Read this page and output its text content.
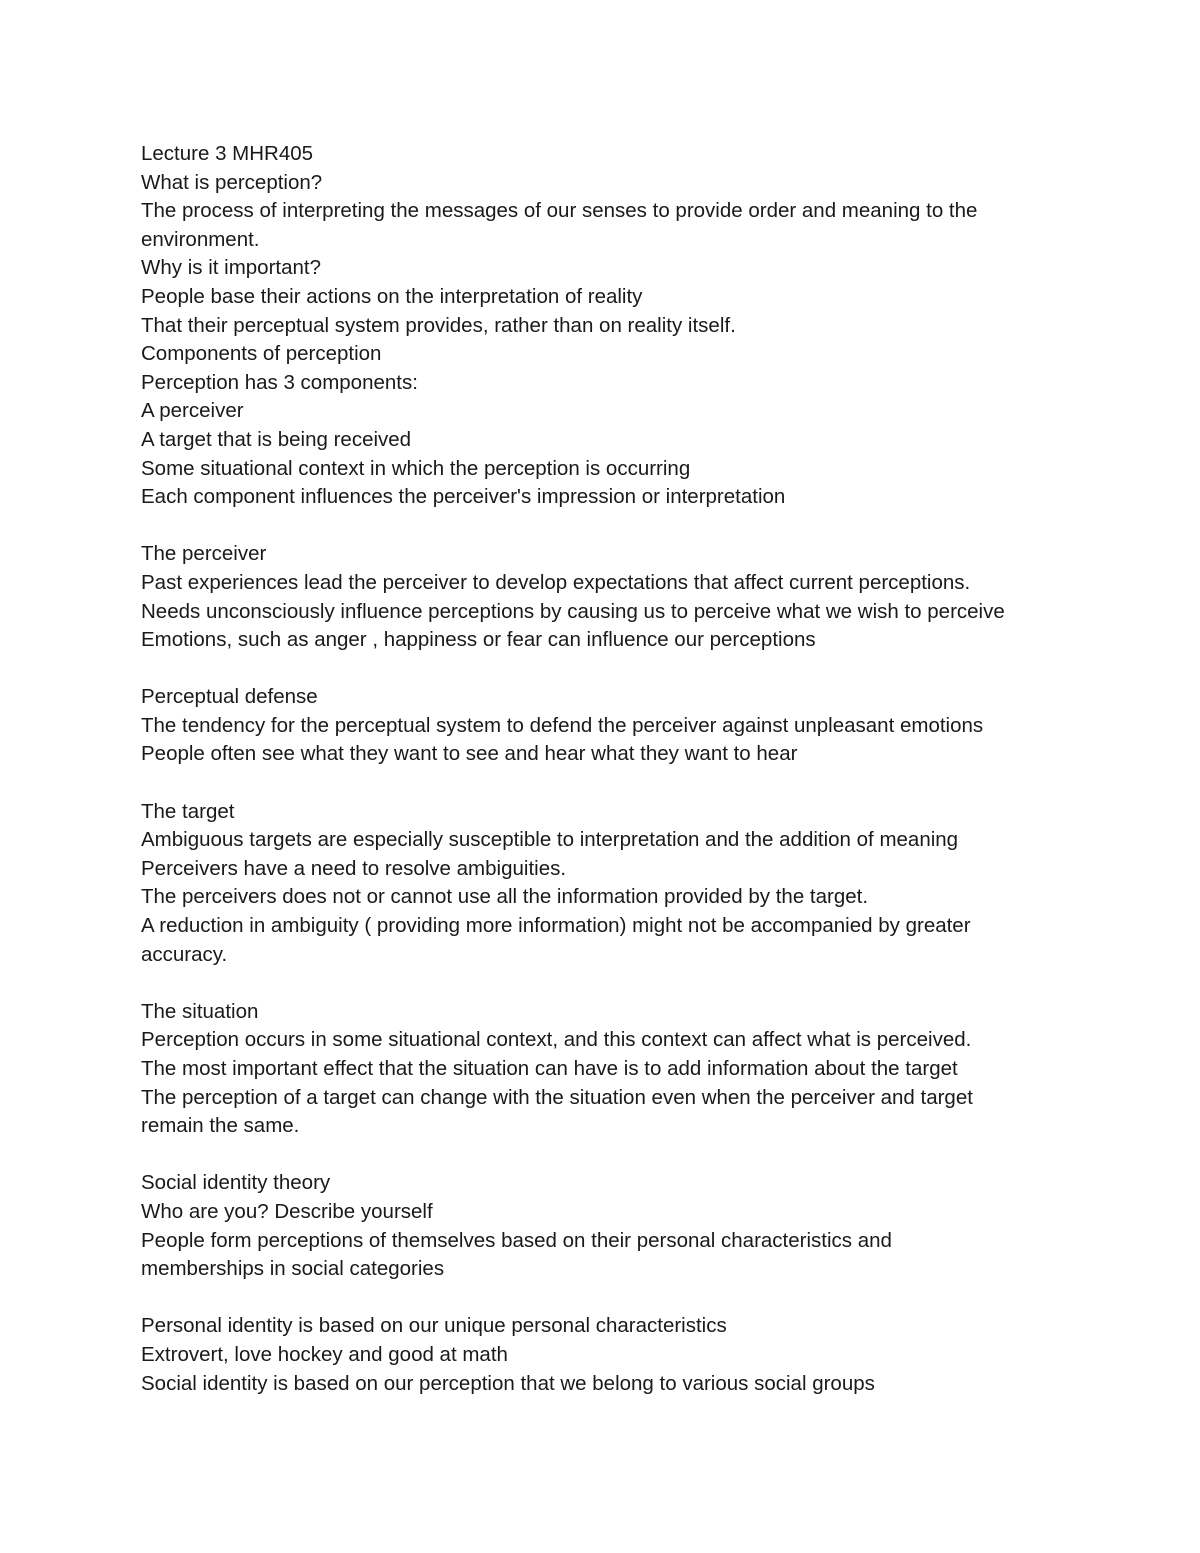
Lecture 3 MHR405
What is perception?
The process of interpreting the messages of our senses to provide order and meaning to the
environment.
Why is it important?
People base their actions on the interpretation of reality
That their perceptual system provides, rather than on reality itself.
Components of perception
Perception has 3 components:
A perceiver
A target that is being received
Some situational context in which the perception is occurring
Each component influences the perceiver's impression or interpretation
The perceiver
Past experiences lead the perceiver to develop expectations that affect current perceptions.
Needs unconsciously influence perceptions by causing us to perceive what we wish to perceive
Emotions, such as anger , happiness or fear can influence our perceptions
Perceptual defense
The tendency for the perceptual system to defend the perceiver against unpleasant emotions
People often see what they want to see and hear what they want to hear
The target
Ambiguous targets are especially susceptible to interpretation and the addition of meaning
Perceivers have a need to resolve ambiguities.
The perceivers does not or cannot use all the information provided by the target.
A reduction in ambiguity ( providing more information) might not be accompanied by greater
accuracy.
The situation
Perception occurs in some situational context, and this context can affect what is perceived.
The most important effect that the situation can have is to add information about the target
The perception of a target can change with the situation even when the perceiver and target
remain the same.
Social identity theory
Who are you? Describe yourself
People form perceptions of themselves based on their personal characteristics and
memberships in social categories
Personal identity is based on our unique personal characteristics
Extrovert, love hockey and good at math
Social identity is based on our perception that we belong to various social groups
